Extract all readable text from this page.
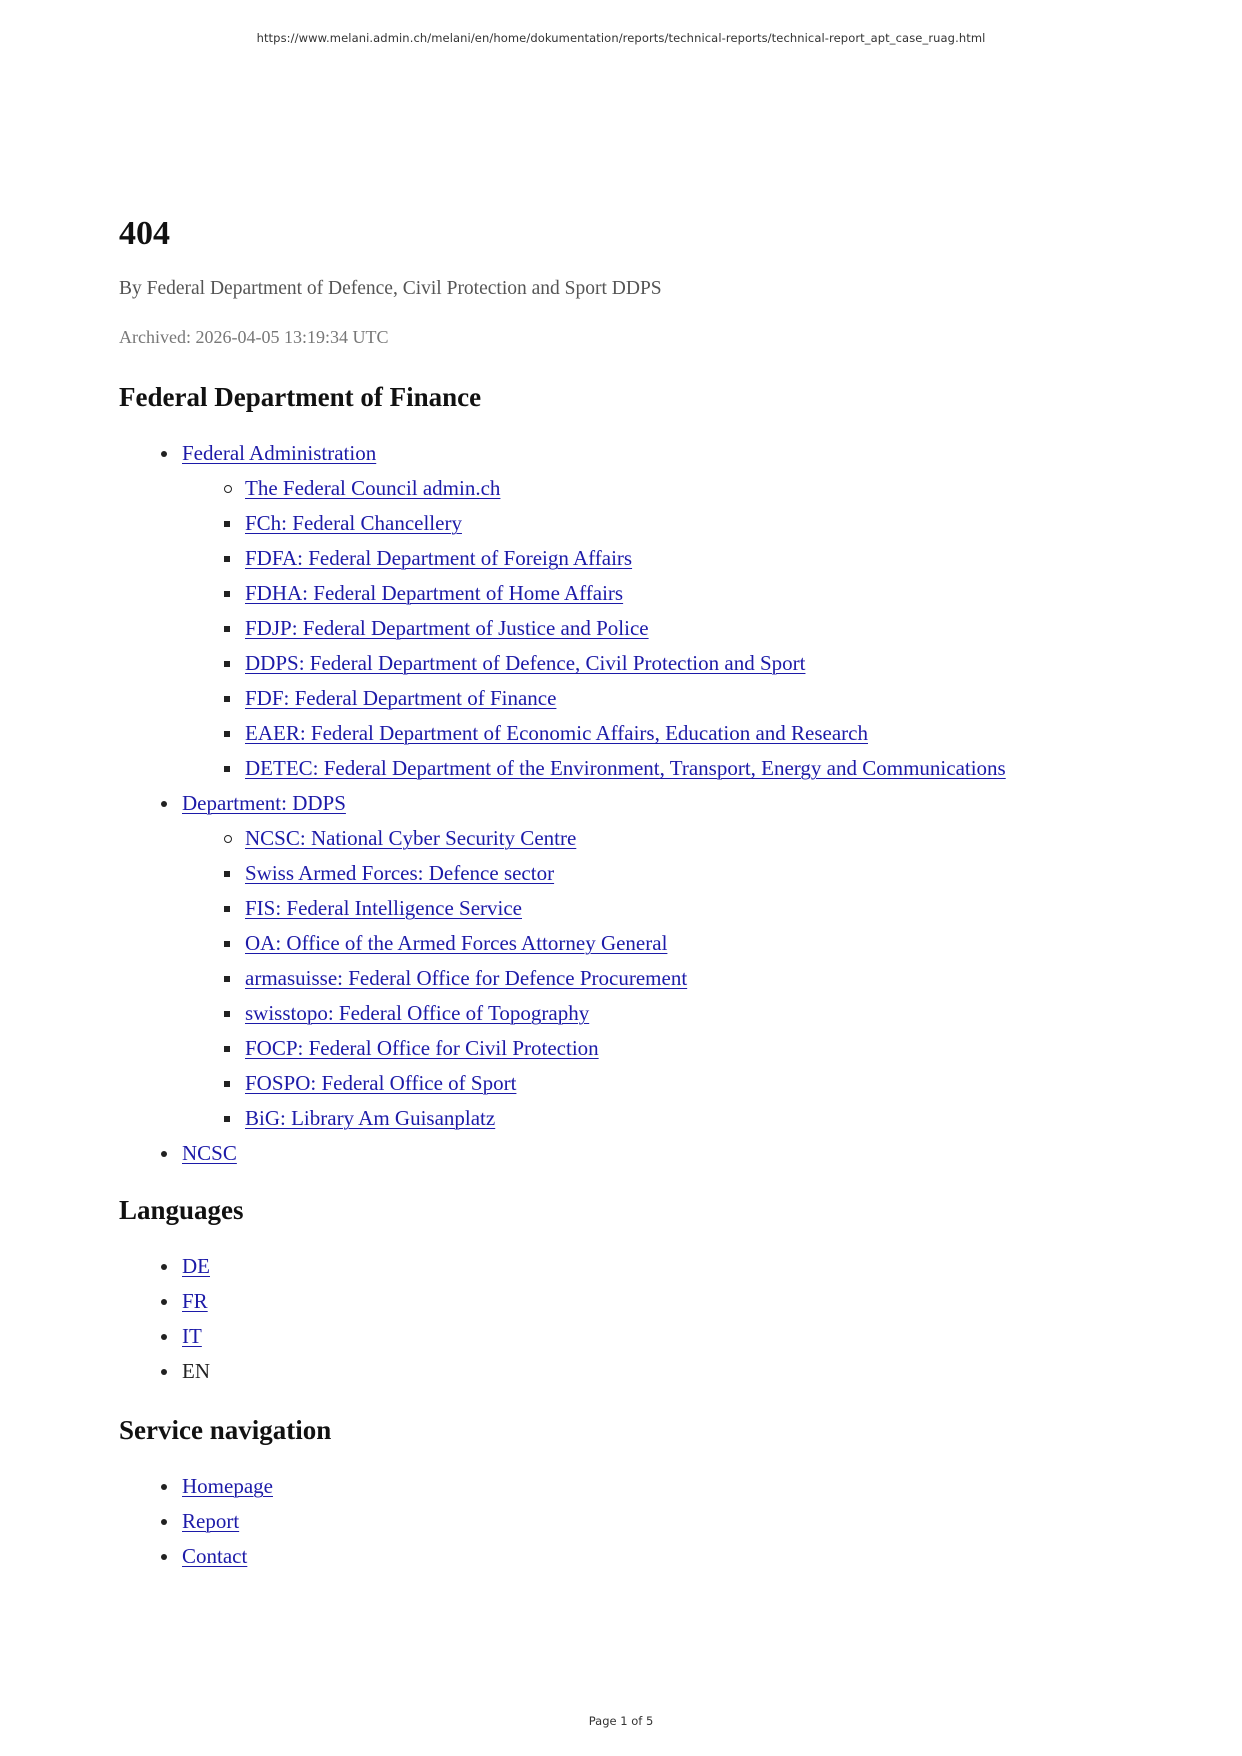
https://www.melani.admin.ch/melani/en/home/dokumentation/reports/technical-reports/technical-report_apt_case_ruag.html
404

By Federal Department of Defence, Civil Protection and Sport DDPS

Archived: 2026-04-05 13:19:34 UTC

Federal Department of Finance
Federal Administration
The Federal Council admin.ch
FCh: Federal Chancellery
FDFA: Federal Department of Foreign Affairs
FDHA: Federal Department of Home Affairs
FDJP: Federal Department of Justice and Police
DDPS: Federal Department of Defence, Civil Protection and Sport
FDF: Federal Department of Finance
EAER: Federal Department of Economic Affairs, Education and Research
DETEC: Federal Department of the Environment, Transport, Energy and Communications
Department: DDPS
NCSC: National Cyber Security Centre
Swiss Armed Forces: Defence sector
FIS: Federal Intelligence Service
OA: Office of the Armed Forces Attorney General
armasuisse: Federal Office for Defence Procurement
swisstopo: Federal Office of Topography
FOCP: Federal Office for Civil Protection
FOSPO: Federal Office of Sport
BiG: Library Am Guisanplatz
NCSC
Languages
DE
FR
IT
EN
Service navigation
Homepage
Report
Contact
Page 1 of 5
